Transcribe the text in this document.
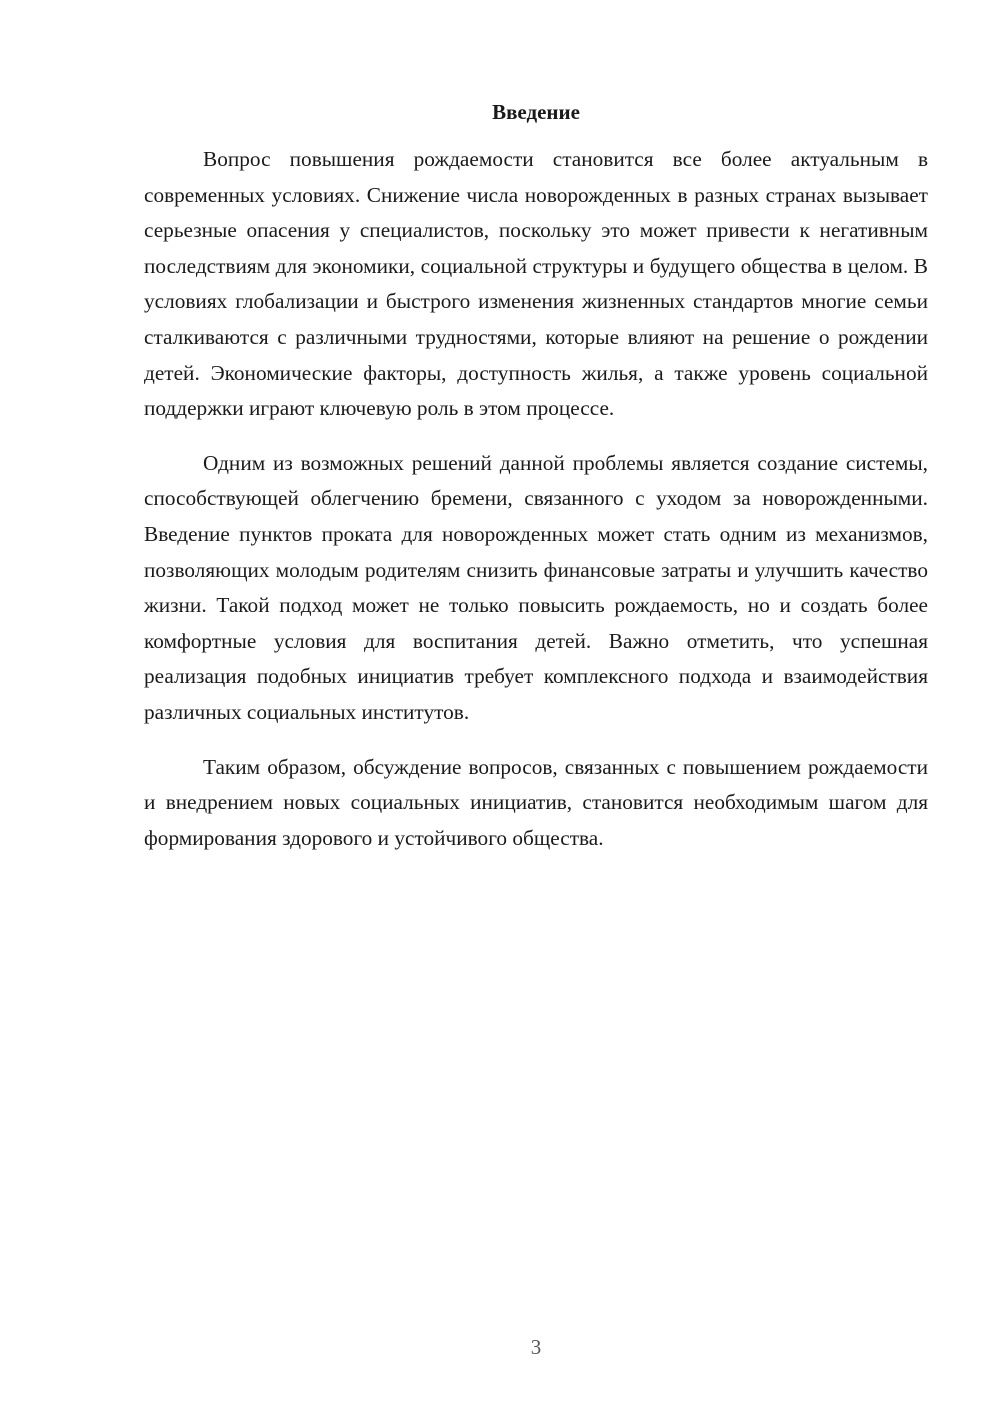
Введение

Вопрос повышения рождаемости становится все более актуальным в современных условиях. Снижение числа новорожденных в разных странах вызывает серьезные опасения у специалистов, поскольку это может привести к негативным последствиям для экономики, социальной структуры и будущего общества в целом. В условиях глобализации и быстрого изменения жизненных стандартов многие семьи сталкиваются с различными трудностями, которые влияют на решение о рождении детей. Экономические факторы, доступность жилья, а также уровень социальной поддержки играют ключевую роль в этом процессе.

Одним из возможных решений данной проблемы является создание системы, способствующей облегчению бремени, связанного с уходом за новорожденными. Введение пунктов проката для новорожденных может стать одним из механизмов, позволяющих молодым родителям снизить финансовые затраты и улучшить качество жизни. Такой подход может не только повысить рождаемость, но и создать более комфортные условия для воспитания детей. Важно отметить, что успешная реализация подобных инициатив требует комплексного подхода и взаимодействия различных социальных институтов.

Таким образом, обсуждение вопросов, связанных с повышением рождаемости и внедрением новых социальных инициатив, становится необходимым шагом для формирования здорового и устойчивого общества.

3
